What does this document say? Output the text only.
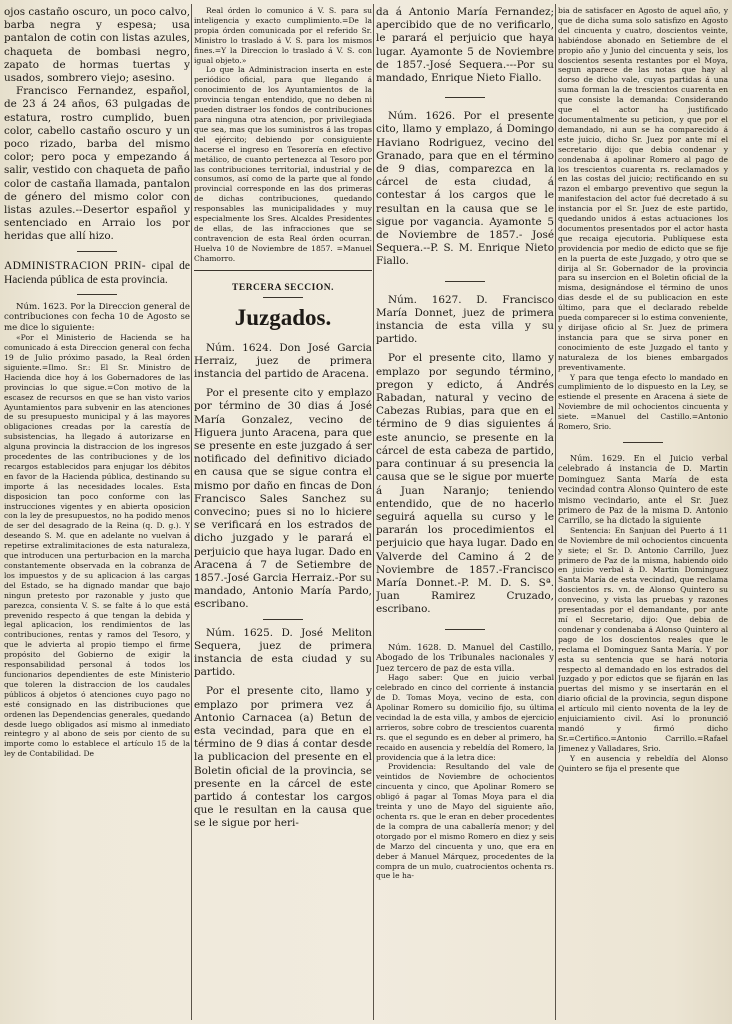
ojos castaño oscuro, un poco calvo, barba negra y espesa; usa pantalon de cotin con listas azules, chaqueta de bombasi negro, zapato de hormas tuertas y usados, sombrero viejo; asesino.

Francisco Fernandez, español, de 23 á 24 años, 63 pulgadas de estatura, rostro cumplido, buen color, cabello castaño oscuro y un poco rizado, barba del mismo color; pero poca y empezando á salir, vestido con chaqueta de paño color de castaña llamada, pantalon de género del mismo color con listas azules.--Desertor español y sentenciado en Arraio los por heridas que allí hizo.

ADMINISTRACION PRIN- cipal de Hacienda pública de esta provincia.

Núm. 1623. Por la Direccion general de contribuciones con fecha 10 de Agosto se me dice lo siguiente:

«Por el Ministerio de Hacienda se ha comunicado á esta Direccion general con fecha 19 de Julio próximo pasado, la Real órden siguiente.=Ilmo. Sr.: El Sr. Ministro de Hacienda dice hoy á los Gobernadores de las provincias lo que sigue.=Con motivo de la escasez de recursos en que se han visto varios Ayuntamientos para subvenir en las atenciones de su presupuesto municipal y á las mayores obligaciones creadas por la carestía de subsistencias, ha llegado á autorizarse en alguna provincia la distraccion de los ingresos procedentes de las contribuciones y de los recargos establecidos para enjugar los débitos en favor de la Hacienda pública, destinando su importe á las necesidades locales. Esta disposicion tan poco conforme con las instrucciones vigentes y en abierta oposicion con la ley de presupuestos, no ha podido menos de ser del desagrado de la Reina (q. D. g.). Y deseando S. M. que en adelante no vuelvan á repetirse extralimitaciones de esta naturaleza, que introducen una perturbacion en la marcha constantemente observada en la cobranza de los impuestos y de su aplicacion á las cargas del Estado, se ha dignado mandar que bajo ningun pretesto por razonable y justo que parezca, consienta V. S. se falte á lo que está prevenido respecto á que tengan la debida y legal aplicacion, los rendimientos de las contribuciones, rentas y ramos del Tesoro, y que le advierta al propio tiempo el firme propósito del Gobierno de exigir la responsabilidad personal á todos los funcionarios dependientes de este Ministerio que toleren la distraccion de los caudales públicos á objetos ó atenciones cuyo pago no esté consignado en las distribuciones que ordenen las Dependencias generales, quedando desde luego obligados así mismo al inmediato reintegro y al abono de seis por ciento de su importe como lo establece el artículo 15 de la ley de Contabilidad. De

Real órden lo comunico á V. S. para su inteligencia y exacto cumplimiento.=De la propia órden comunicada por el referido Sr. Ministro lo traslado á V. S. para los mismos fines.=Y la Direccion lo traslado á V. S. con igual objeto.»

Lo que la Administracion inserta en este periódico oficial, para que llegando á conocimiento de los Ayuntamientos de la provincia tengan entendido, que no deben ni pueden distraer los fondos de contribuciones para ninguna otra atencion, por privilegiada que sea, mas que los suministros á las tropas del ejército; debiendo por consiguiente hacerse el ingreso en Tesorería en efectivo metálico, de cuanto pertenezca al Tesoro por las contribuciones territorial, industrial y de consumos, así como de la parte que al fondo provincial corresponde en las dos primeras de dichas contribuciones, quedando responsables las municipalidades y muy especialmente los Sres. Alcaldes Presidentes de ellas, de las infracciones que se contravencion de esta Real órden ocurran. Huelva 10 de Noviembre de 1857. =Manuel Chamorro.

TERCERA SECCION.
Juzgados.

Núm. 1624. Don José Garcia Herraiz, juez de primera instancia del partido de Aracena.

Por el presente cito y emplazo por término de 30 dias á José María Gonzalez, vecino de Higuera junto Aracena, para que se presente en este juzgado á ser notificado del definitivo diciado en causa que se sigue contra el mismo por daño en fincas de Don Francisco Sales Sanchez su convecino; pues si no lo hiciere se verificará en los estrados de dicho juzgado y le parará el perjuicio que haya lugar. Dado en Aracena á 7 de Setiembre de 1857.-José Garcia Herraiz.-Por su mandado, Antonio María Pardo, escribano.

Núm. 1625. D. José Meliton Sequera, juez de primera instancia de esta ciudad y su partido.

Por el presente cito, llamo y emplazo por primera vez á Antonio Carnacea (a) Betun de esta vecindad, para que en el término de 9 dias á contar desde la publicacion del presente en el Boletin oficial de la provincia, se presente en la cárcel de este partido á contestar los cargos que le resultan en la causa que se le sigue por heri-

da á Antonio María Fernandez; apercibido que de no verificarlo, le parará el perjuicio que haya lugar. Ayamonte 5 de Noviembre de 1857.-José Sequera.---Por su mandado, Enrique Nieto Fiallo.

Núm. 1626. Por el presente cito, llamo y emplazo, á Domingo Haviano Rodriguez, vecino del Granado, para que en el término de 9 dias, comparezca en la cárcel de esta ciudad, á contestar á los cargos que le resultan en la causa que se le sigue por vagancia. Ayamonte 5 de Noviembre de 1857.- José Sequera.--P. S. M. Enrique Nieto Fiallo.

Núm. 1627. D. Francisco María Donnet, juez de primera instancia de esta villa y su partido.

Por el presente cito, llamo y emplazo por segundo término, pregon y edicto, á Andrés Rabadan, natural y vecino de Cabezas Rubias, para que en el término de 9 dias siguientes á este anuncio, se presente en la cárcel de esta cabeza de partido, para continuar á su presencia la causa que se le sigue por muerte á Juan Naranjo; teniendo entendido, que de no hacerlo seguirá aquella su curso y le pararán los procedimientos el perjuicio que haya lugar. Dado en Valverde del Camino á 2 de Noviembre de 1857.-Francisco María Donnet.-P. M. D. S. Sª. Juan Ramirez Cruzado, escribano.

Núm. 1628. D. Manuel del Castillo, Abogado de los Tribunales nacionales y Juez tercero de paz de esta villa.

Hago saber: Que en juicio verbal celebrado en cinco del corriente á instancia de D. Tomas Moya, vecino de esta, con Apolinar Romero su domicilio fijo, su última vecindad la de esta villa, y ambos de ejercicio arrieros, sobre cobro de trescientos cuarenta rs. que el segundo es en deber al primero, ha recaido en ausencia y rebeldía del Romero, la providencia que á la letra dice:

Providencia: Resultando del vale de veintidos de Noviembre de ochocientos cincuenta y cinco, que Apolinar Romero se obligó á pagar al Tomas Moya para el dia treinta y uno de Mayo del siguiente año, ochenta rs. que le eran en deber procedentes de la compra de una caballería menor; y del otorgado por el mismo Romero en diez y seis de Marzo del cincuenta y uno, que era en deber á Manuel Márquez, procedentes de la compra de un mulo, cuatrocientos ochenta rs. que le ha-

bia de satisfacer en Agosto de aquel año, y que de dicha suma solo satisfizo en Agosto del cincuenta y cuatro, doscientos veinte, habiéndose abonado en Setiembre de el propio año y Junio del cincuenta y seis, los doscientos sesenta restantes por el Moya, segun aparece de las notas que hay al dorso de dicho vale, cuyas partidas á una suma forman la de trescientos cuarenta en que consiste la demanda: Considerando que el actor ha justificado documentalmente su peticion, y que por el demandado, ni aun se ha comparecido á este juicio, dicho Sr. Juez por ante mí el secretario dijo: que debia condenar y condenaba á apolinar Romero al pago de los trescientos cuarenta rs. reclamados y en las costas del juicio; rectificando en su razon el embargo preventivo que segun la manifestacion del actor fué decretado á su instancia por el Sr. Juez de este partido, quedando unidos á estas actuaciones los documentos presentados por el actor hasta que recaiga ejecutoria. Publíquese esta providencia por medio de edicto que se fije en la puerta de este Juzgado, y otro que se dirija al Sr. Gobernador de la provincia para su insercion en el Boletin oficial de la misma, designándose el término de unos dias desde el de su publicacion en este último, para que el declarado rebelde pueda comparecer si lo estima conveniente, y dirijase oficio al Sr. Juez de primera instancia para que se sirva poner en conocimiento de este Juzgado el tanto y naturaleza de los bienes embargados preventivamente.

Y para que tenga efecto lo mandado en cumplimiento de lo dispuesto en la Ley, se estiende el presente en Aracena á siete de Noviembre de mil ochocientos cincuenta y siete. =Manuel del Castillo.=Antonio Romero, Srio.

Núm. 1629. En el Juicio verbal celebrado á instancia de D. Martin Dominguez Santa María de esta vecindad contra Alonso Quintero de este mismo vecindario, ante el Sr. Juez primero de Paz de la misma D. Antonio Carrillo, se ha dictado la siguiente

Sentencia: En Sanjuan del Puerto á 11 de Noviembre de mil ochocientos cincuenta y siete; el Sr. D. Antonio Carrillo, Juez primero de Paz de la misma, habiendo oido en juicio verbal á D. Martin Dominguez Santa María de esta vecindad, que reclama doscientos rs. vn. de Alonso Quintero su convecino, y vista las pruebas y razones presentadas por el demandante, por ante mí el Secretario, dijo: Que debia de condenar y condenaba á Alonso Quintero al pago de los doscientos reales que le reclama el Dominguez Santa María. Y por esta su sentencia que se hará notoria respecto al demandado en los estrados del Juzgado y por edictos que se fijarán en las puertas del mismo y se insertarán en el diario oficial de la provincia, segun dispone el artículo mil ciento noventa de la ley de enjuiciamiento civil. Así lo pronunció mandó y firmó dicho Sr.=Certifico.=Antonio Carrillo.=Rafael Jimenez y Valladares, Srio.

Y en ausencia y rebeldía del Alonso Quintero se fija el presente que
